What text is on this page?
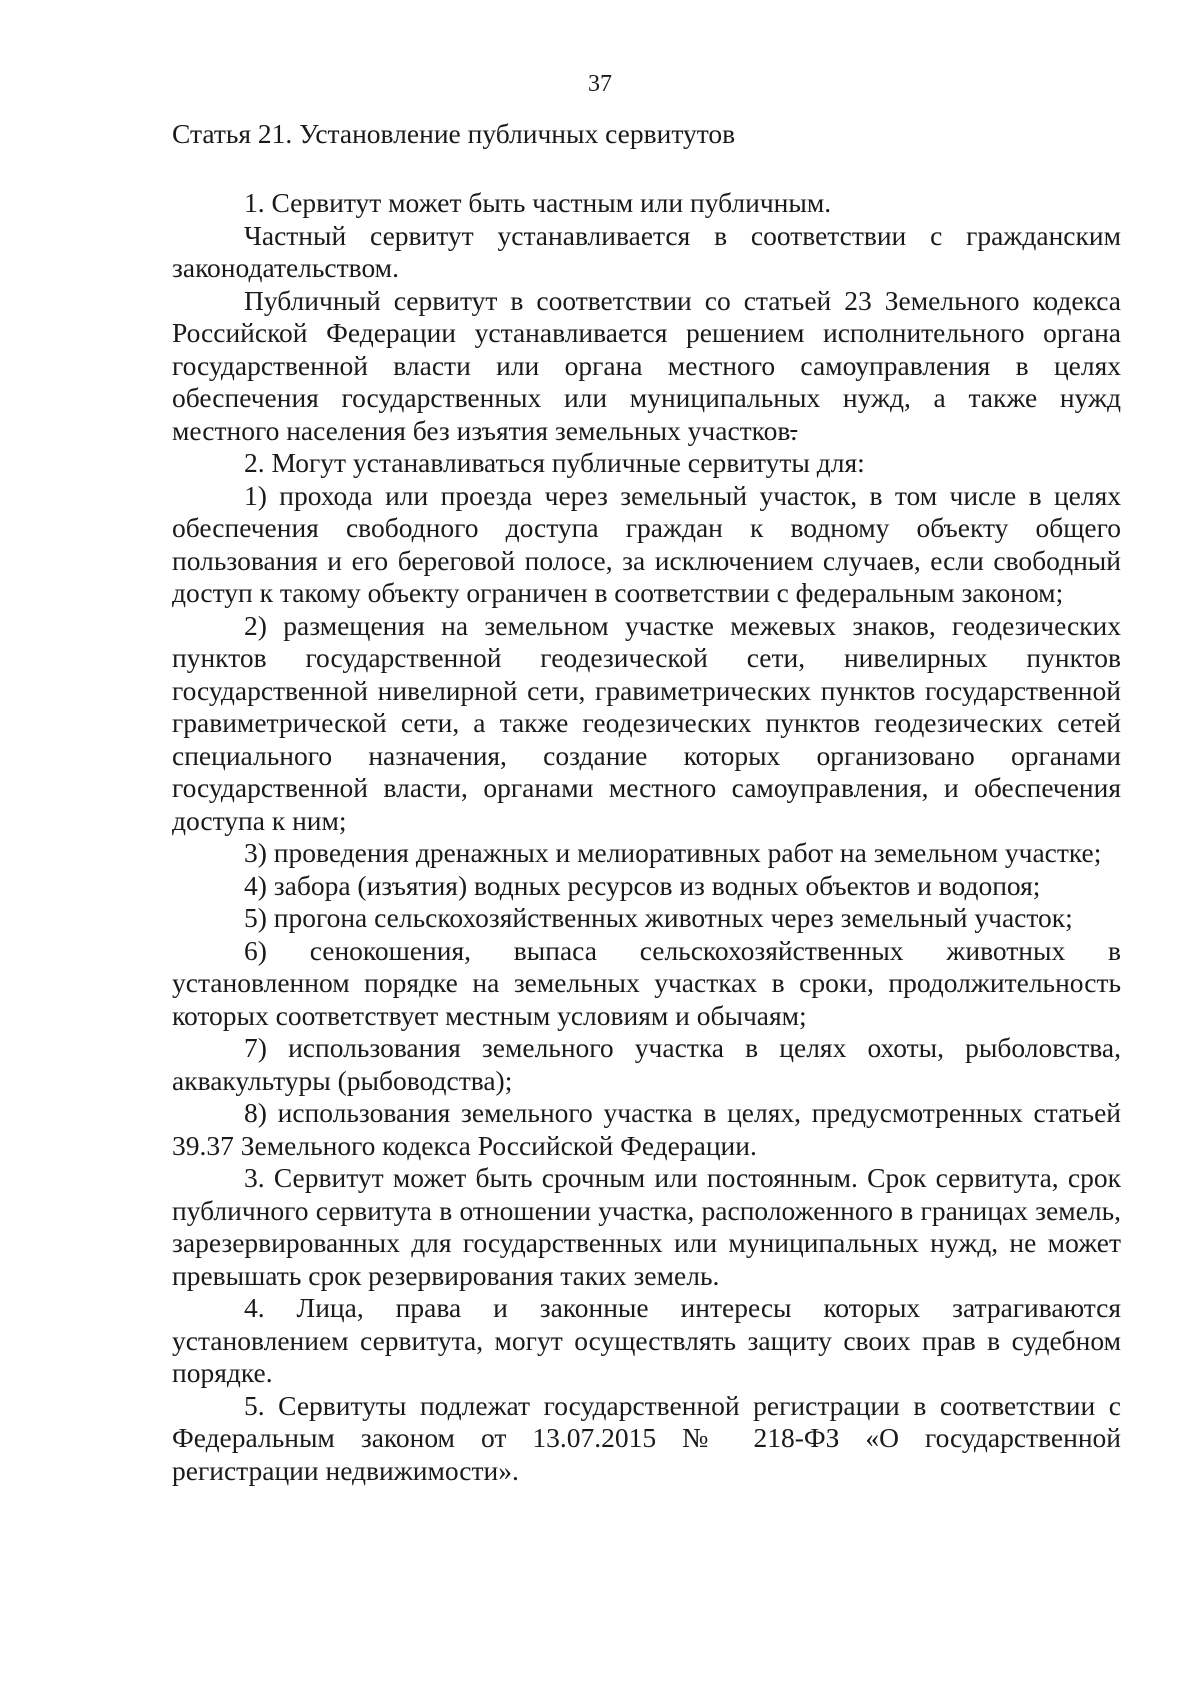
37
Статья 21. Установление публичных сервитутов

1. Сервитут может быть частным или публичным.

Частный сервитут устанавливается в соответствии с гражданским законодательством.

Публичный сервитут в соответствии со статьей 23 Земельного кодекса Российской Федерации устанавливается решением исполнительного органа государственной власти или органа местного самоуправления в целях обеспечения государственных или муниципальных нужд, а также нужд местного населения без изъятия земельных участков.

2. Могут устанавливаться публичные сервитуты для:

1) прохода или проезда через земельный участок, в том числе в целях обеспечения свободного доступа граждан к водному объекту общего пользования и его береговой полосе, за исключением случаев, если свободный доступ к такому объекту ограничен в соответствии с федеральным законом;

2) размещения на земельном участке межевых знаков, геодезических пунктов государственной геодезической сети, нивелирных пунктов государственной нивелирной сети, гравиметрических пунктов государственной гравиметрической сети, а также геодезических пунктов геодезических сетей специального назначения, создание которых организовано органами государственной власти, органами местного самоуправления, и обеспечения доступа к ним;

3) проведения дренажных и мелиоративных работ на земельном участке;

4) забора (изъятия) водных ресурсов из водных объектов и водопоя;

5) прогона сельскохозяйственных животных через земельный участок;

6) сенокошения, выпаса сельскохозяйственных животных в установленном порядке на земельных участках в сроки, продолжительность которых соответствует местным условиям и обычаям;

7) использования земельного участка в целях охоты, рыболовства, аквакультуры (рыбоводства);

8) использования земельного участка в целях, предусмотренных статьей 39.37 Земельного кодекса Российской Федерации.

3. Сервитут может быть срочным или постоянным. Срок сервитута, срок публичного сервитута в отношении участка, расположенного в границах земель, зарезервированных для государственных или муниципальных нужд, не может превышать срок резервирования таких земель.

4. Лица, права и законные интересы которых затрагиваются установлением сервитута, могут осуществлять защиту своих прав в судебном порядке.

5. Сервитуты подлежат государственной регистрации в соответствии с Федеральным законом от 13.07.2015 № 218-ФЗ «О государственной регистрации недвижимости».
